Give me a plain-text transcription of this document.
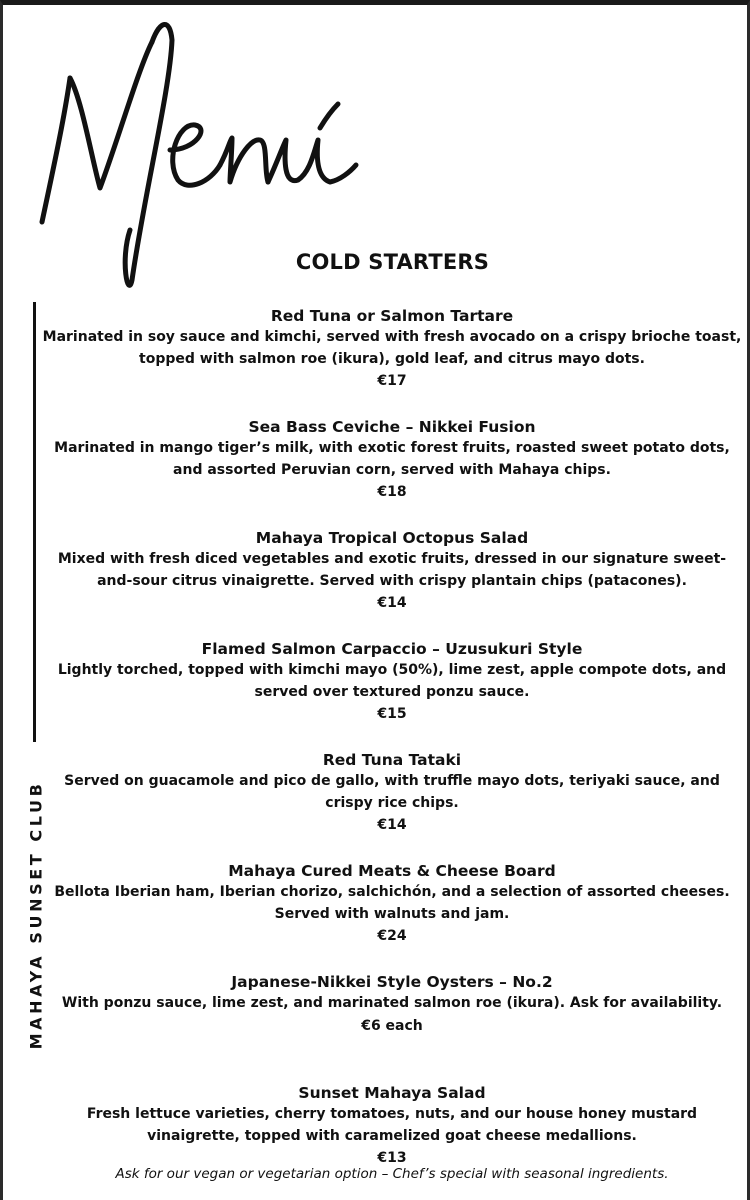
COLD STARTERS
MAHAYA SUNSET CLUB
Red Tuna or Salmon Tartare
Marinated in soy sauce and kimchi, served with fresh avocado on a crispy brioche toast, topped with salmon roe (ikura), gold leaf, and citrus mayo dots.
€17
Sea Bass Ceviche – Nikkei Fusion
Marinated in mango tiger’s milk, with exotic forest fruits, roasted sweet potato dots, and assorted Peruvian corn, served with Mahaya chips.
€18
Mahaya Tropical Octopus Salad
Mixed with fresh diced vegetables and exotic fruits, dressed in our signature sweet-and-sour citrus vinaigrette. Served with crispy plantain chips (patacones).
€14
Flamed Salmon Carpaccio – Uzusukuri Style
Lightly torched, topped with kimchi mayo (50%), lime zest, apple compote dots, and served over textured ponzu sauce.
€15
Red Tuna Tataki
Served on guacamole and pico de gallo, with truffle mayo dots, teriyaki sauce, and crispy rice chips.
€14
Mahaya Cured Meats & Cheese Board
Bellota Iberian ham, Iberian chorizo, salchichón, and a selection of assorted cheeses. Served with walnuts and jam.
€24
Japanese-Nikkei Style Oysters – No.2
With ponzu sauce, lime zest, and marinated salmon roe (ikura). Ask for availability.
€6 each
Sunset Mahaya Salad
Fresh lettuce varieties, cherry tomatoes, nuts, and our house honey mustard vinaigrette, topped with caramelized goat cheese medallions.
€13
Ask for our vegan or vegetarian option – Chef’s special with seasonal ingredients.
